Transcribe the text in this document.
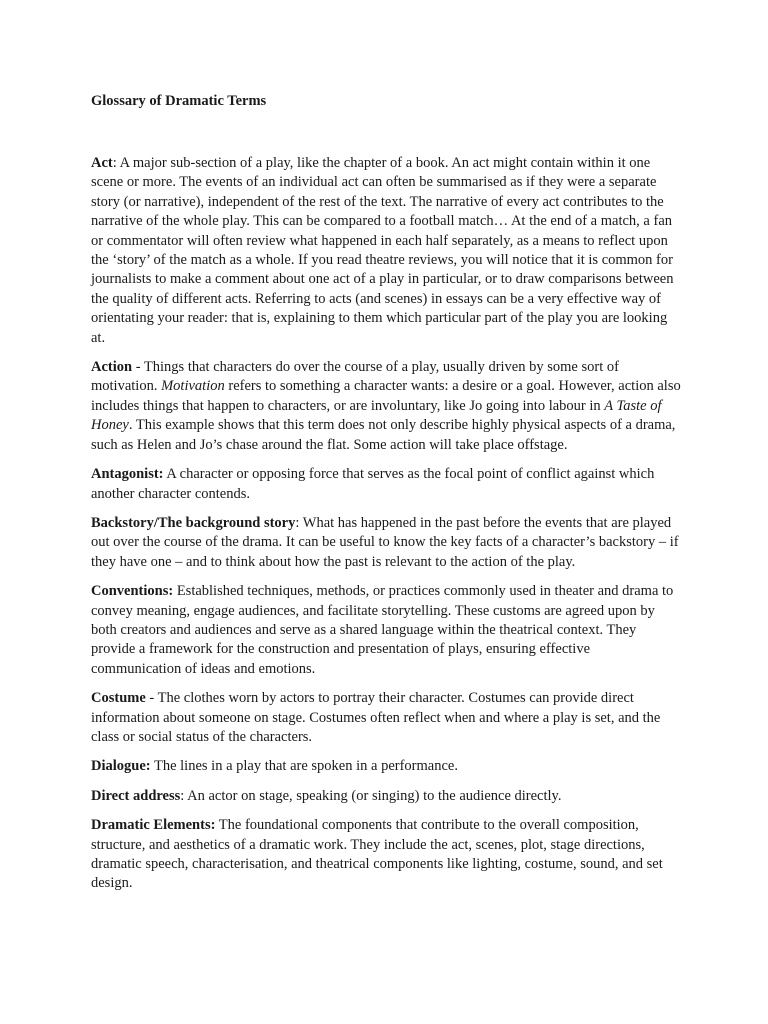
Glossary of Dramatic Terms

Act: A major sub-section of a play, like the chapter of a book. An act might contain within it one scene or more. The events of an individual act can often be summarised as if they were a separate story (or narrative), independent of the rest of the text. The narrative of every act contributes to the narrative of the whole play. This can be compared to a football match… At the end of a match, a fan or commentator will often review what happened in each half separately, as a means to reflect upon the ‘story’ of the match as a whole. If you read theatre reviews, you will notice that it is common for journalists to make a comment about one act of a play in particular, or to draw comparisons between the quality of different acts. Referring to acts (and scenes) in essays can be a very effective way of orientating your reader: that is, explaining to them which particular part of the play you are looking at.

Action - Things that characters do over the course of a play, usually driven by some sort of motivation. Motivation refers to something a character wants: a desire or a goal. However, action also includes things that happen to characters, or are involuntary, like Jo going into labour in A Taste of Honey. This example shows that this term does not only describe highly physical aspects of a drama, such as Helen and Jo’s chase around the flat. Some action will take place offstage.

Antagonist: A character or opposing force that serves as the focal point of conflict against which another character contends.

Backstory/The background story: What has happened in the past before the events that are played out over the course of the drama. It can be useful to know the key facts of a character’s backstory – if they have one – and to think about how the past is relevant to the action of the play.

Conventions: Established techniques, methods, or practices commonly used in theater and drama to convey meaning, engage audiences, and facilitate storytelling. These customs are agreed upon by both creators and audiences and serve as a shared language within the theatrical context. They provide a framework for the construction and presentation of plays, ensuring effective communication of ideas and emotions.

Costume - The clothes worn by actors to portray their character. Costumes can provide direct information about someone on stage. Costumes often reflect when and where a play is set, and the class or social status of the characters.

Dialogue: The lines in a play that are spoken in a performance.

Direct address: An actor on stage, speaking (or singing) to the audience directly.

Dramatic Elements: The foundational components that contribute to the overall composition, structure, and aesthetics of a dramatic work. They include the act, scenes, plot, stage directions, dramatic speech, characterisation, and theatrical components like lighting, costume, sound, and set design.
